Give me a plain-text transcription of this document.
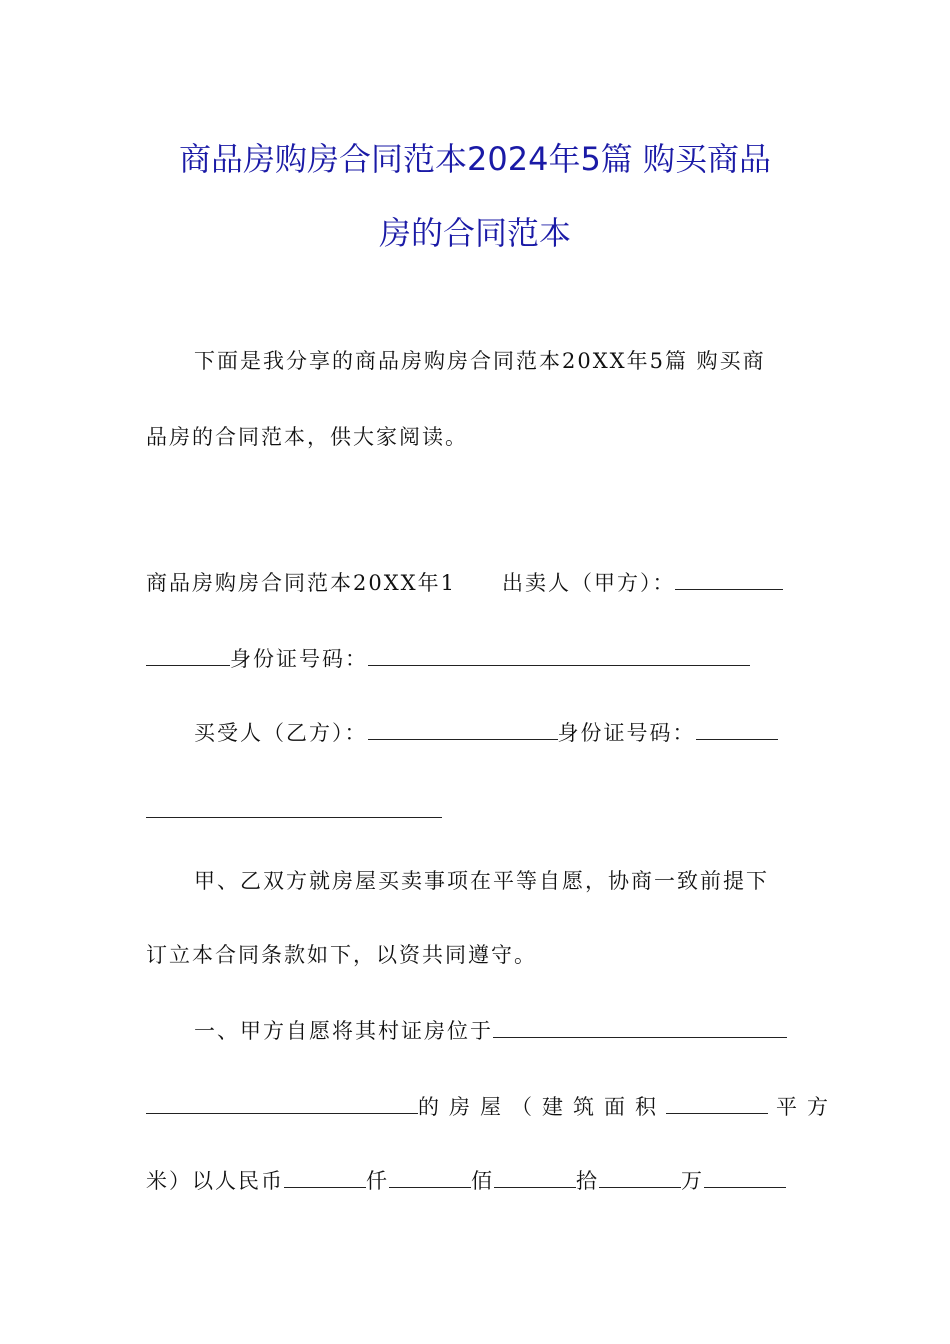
商品房购房合同范本2024年5篇 购买商品
房的合同范本
下面是我分享的商品房购房合同范本20XX年5篇 购买商
品房的合同范本，供大家阅读。
商品房购房合同范本20XX年1 出卖人（甲方）：
身份证号码：
买受人（乙方）：	身份证号码：
甲、乙双方就房屋买卖事项在平等自愿，协商一致前提下
订立本合同条款如下，以资共同遵守。
一、甲方自愿将其村证房位于
的房屋（建筑面积	平方
米）以人民币	仟	佰	拾	万
